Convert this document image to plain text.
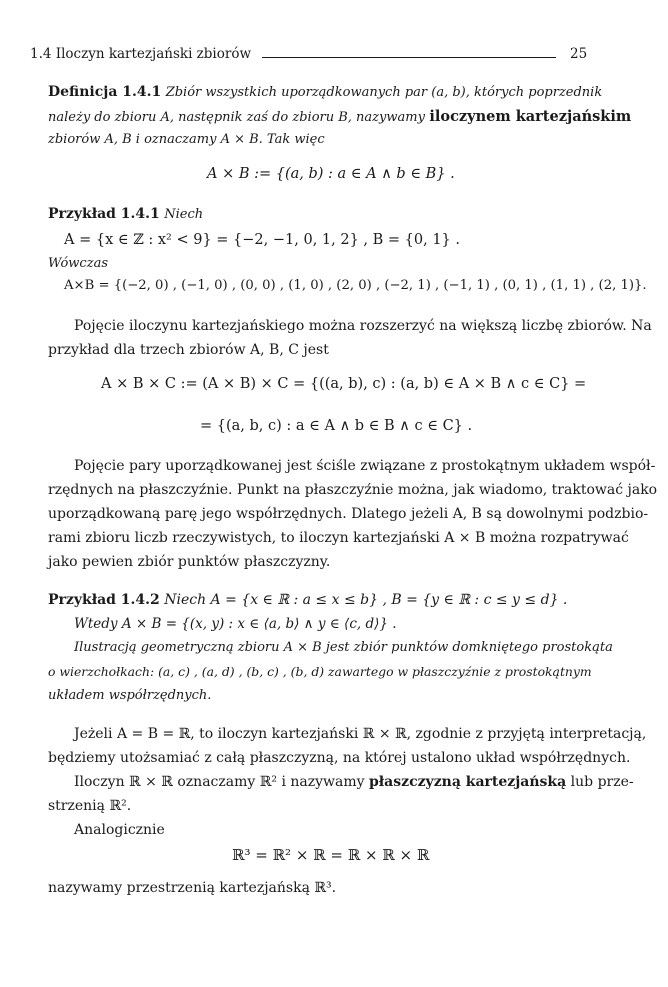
1.4 Iloczyn kartezjański zbiorów	25
Definicja 1.4.1 Zbiór wszystkich uporządkowanych par (a, b), których poprzednik
należy do zbioru A, następnik zaś do zbioru B, nazywamy iloczynem kartezjańskim
zbiorów A, B i oznaczamy A × B. Tak więc
A × B := {(a, b) : a ∈ A ∧ b ∈ B} .
Przykład 1.4.1 Niech
A = {x ∈ ℤ : x² < 9} = {−2, −1, 0, 1, 2} , B = {0, 1} .
Wówczas
A×B = {(−2, 0) , (−1, 0) , (0, 0) , (1, 0) , (2, 0) , (−2, 1) , (−1, 1) , (0, 1) , (1, 1) , (2, 1)}.
Pojęcie iloczynu kartezjańskiego można rozszerzyć na większą liczbę zbiorów. Na
przykład dla trzech zbiorów A, B, C jest
A × B × C := (A × B) × C = {((a, b), c) : (a, b) ∈ A × B ∧ c ∈ C} =
= {(a, b, c) : a ∈ A ∧ b ∈ B ∧ c ∈ C} .
Pojęcie pary uporządkowanej jest ściśle związane z prostokątnym układem współ-
rzędnych na płaszczyźnie. Punkt na płaszczyźnie można, jak wiadomo, traktować jako
uporządkowaną parę jego współrzędnych. Dlatego jeżeli A, B są dowolnymi podzbio-
rami zbioru liczb rzeczywistych, to iloczyn kartezjański A × B można rozpatrywać
jako pewien zbiór punktów płaszczyzny.
Przykład 1.4.2 Niech A = {x ∈ ℝ : a ≤ x ≤ b} , B = {y ∈ ℝ : c ≤ y ≤ d} .
Wtedy A × B = {(x, y) : x ∈ ⟨a, b⟩ ∧ y ∈ ⟨c, d⟩} .
Ilustracją geometryczną zbioru A × B jest zbiór punktów domkniętego prostokąta
o wierzchołkach: (a, c) , (a, d) , (b, c) , (b, d) zawartego w płaszczyźnie z prostokątnym
układem współrzędnych.
Jeżeli A = B = ℝ, to iloczyn kartezjański ℝ × ℝ, zgodnie z przyjętą interpretacją,
będziemy utożsamiać z całą płaszczyzną, na której ustalono układ współrzędnych.
Iloczyn ℝ × ℝ oznaczamy ℝ² i nazywamy płaszczyzną kartezjańską lub prze-
strzenią ℝ².
Analogicznie
ℝ³ = ℝ² × ℝ = ℝ × ℝ × ℝ
nazywamy przestrzenią kartezjańską ℝ³.
